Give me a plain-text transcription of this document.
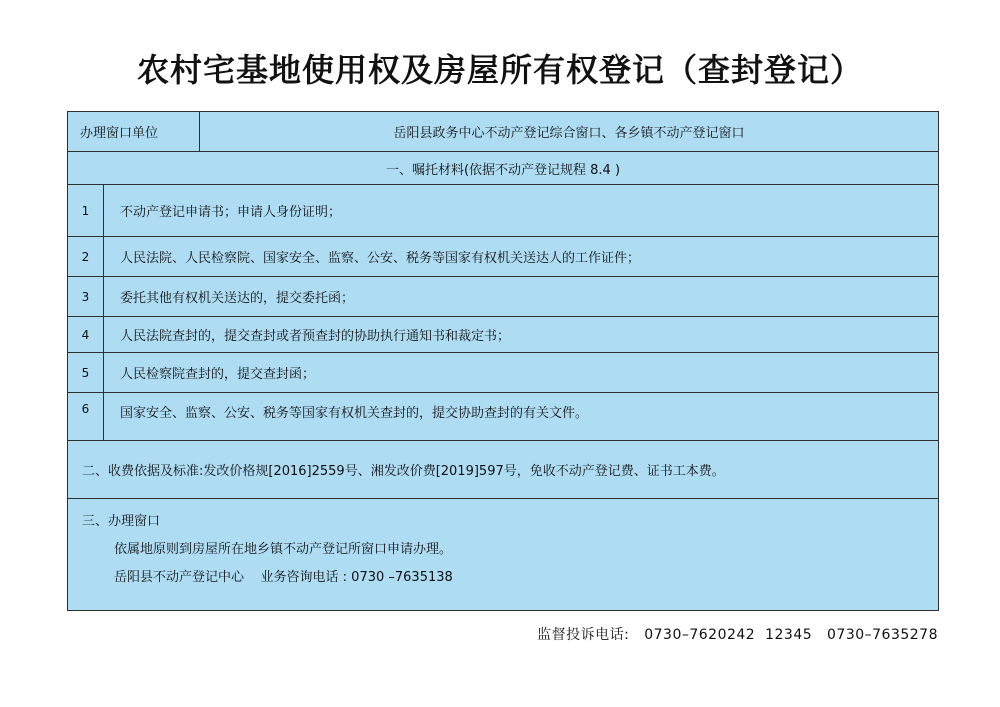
农村宅基地使用权及房屋所有权登记（查封登记）
办理窗口单位	岳阳县政务中心不动产登记综合窗口、各乡镇不动产登记窗口
一、嘱托材料(依据不动产登记规程 8.4 )
1	不动产登记申请书；申请人身份证明；
2	人民法院、人民检察院、国家安全、监察、公安、税务等国家有权机关送达人的工作证件；
3	委托其他有权机关送达的，提交委托函；
4	人民法院查封的，提交查封或者预查封的协助执行通知书和裁定书；
5	人民检察院查封的，提交查封函；
6 国家安全、监察、公安、税务等国家有权机关查封的，提交协助查封的有关文件。
二、收费依据及标准:发改价格规[2016]2559号、湘发改价费[2019]597号，免收不动产登记费、证书工本费。
三、办理窗口
依属地原则到房屋所在地乡镇不动产登记所窗口申请办理。
岳阳县不动产登记中心    业务咨询电话 : 0730 –7635138
监督投诉电话:   0730–7620242  12345   0730–7635278
